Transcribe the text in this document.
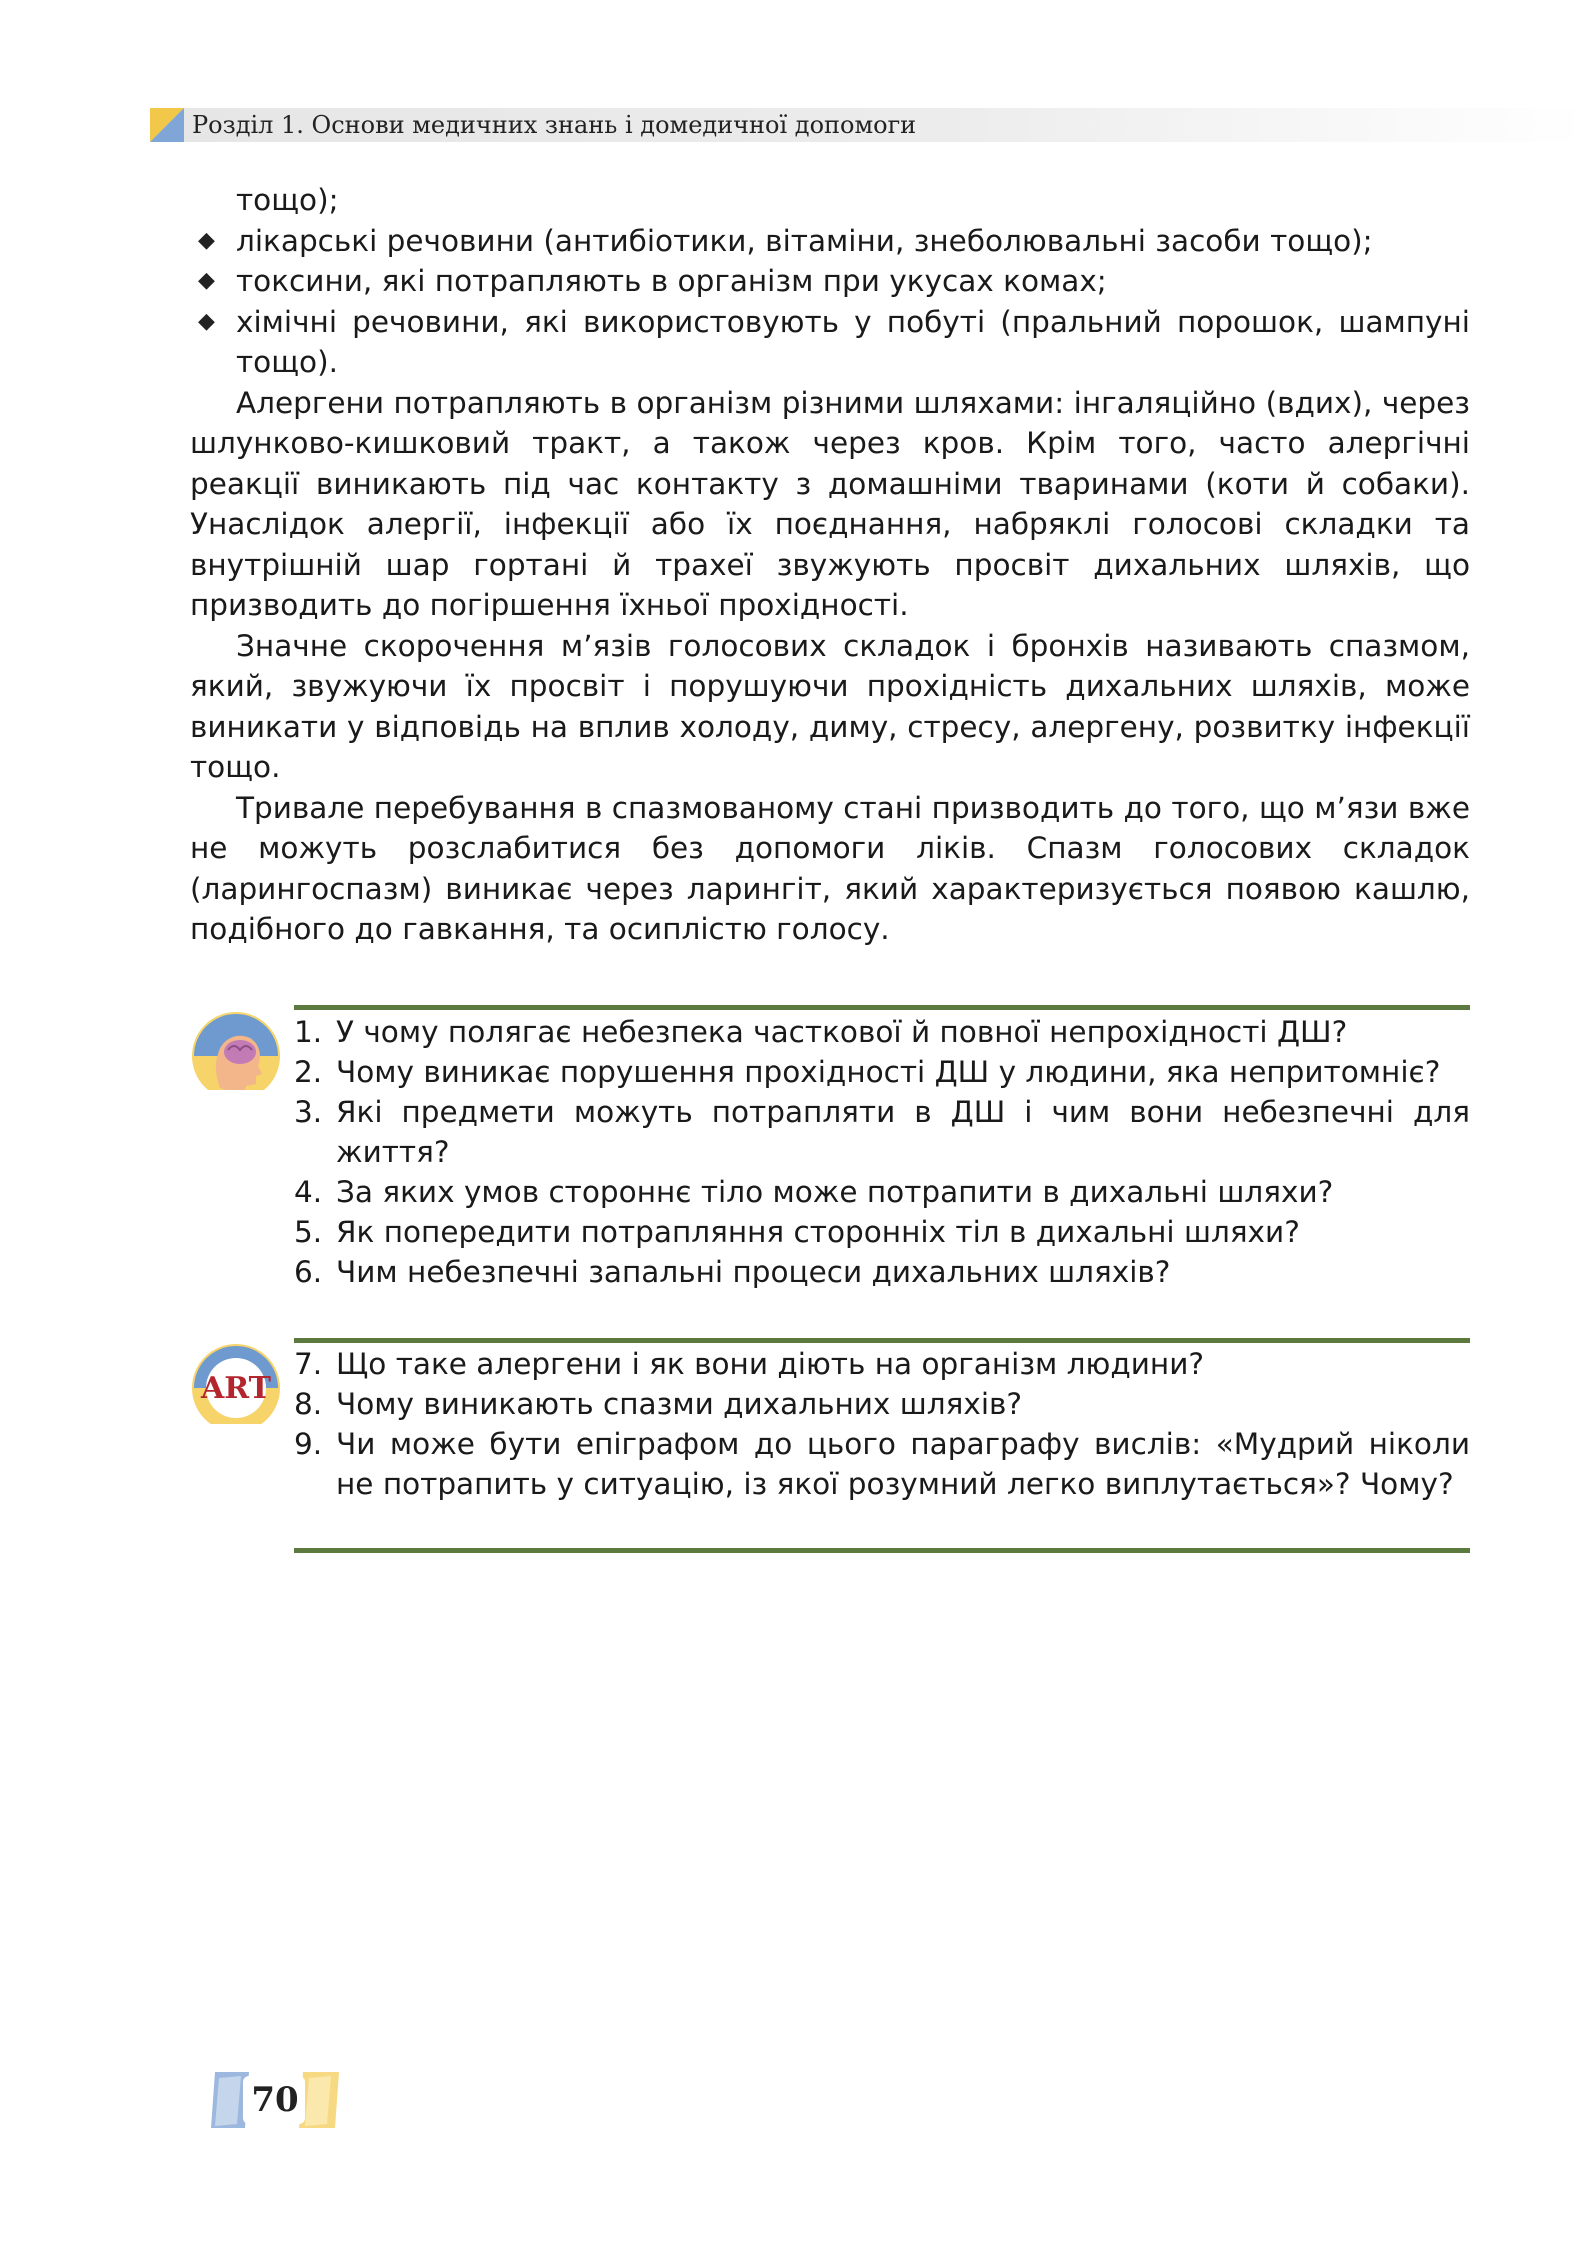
Розділ 1. Основи медичних знань і домедичної допомоги
тощо);
◆ лікарські речовини (антибіотики, вітаміни, знеболювальні засоби тощо);
◆ токсини, які потрапляють в організм при укусах комах;
◆ хімічні речовини, які використовують у побуті (пральний порошок, шампуні тощо).

Алергени потрапляють в організм різними шляхами: інгаляційно (вдих), через шлунково-кишковий тракт, а також через кров. Крім того, часто алергічні реакції виникають під час контакту з домашніми тваринами (коти й собаки). Унаслідок алергії, інфекції або їх поєднання, набряклі голосові складки та внутрішній шар гортані й трахеї звужують просвіт дихальних шляхів, що призводить до погіршення їхньої прохідності.

Значне скорочення м’язів голосових складок і бронхів називають спазмом, який, звужуючи їх просвіт і порушуючи прохідність дихальних шляхів, може виникати у відповідь на вплив холоду, диму, стресу, алергену, розвитку інфекції тощо.

Тривале перебування в спазмованому стані призводить до того, що м’язи вже не можуть розслабитися без допомоги ліків. Спазм голосових складок (ларингоспазм) виникає через ларингіт, який характеризується появою кашлю, подібного до гавкання, та осиплістю голосу.

1. У чому полягає небезпека часткової й повної непрохідності ДШ?
2. Чому виникає порушення прохідності ДШ у людини, яка непритомніє?
3. Які предмети можуть потрапляти в ДШ і чим вони небезпечні для життя?
4. За яких умов стороннє тіло може потрапити в дихальні шляхи?
5. Як попередити потрапляння сторонніх тіл в дихальні шляхи?
6. Чим небезпечні запальні процеси дихальних шляхів?
ART
7. Що таке алергени і як вони діють на організм людини?
8. Чому виникають спазми дихальних шляхів?
9. Чи може бути епіграфом до цього параграфу вислів: «Мудрий ніколи не потрапить у ситуацію, із якої розумний легко виплутається»? Чому?
70
